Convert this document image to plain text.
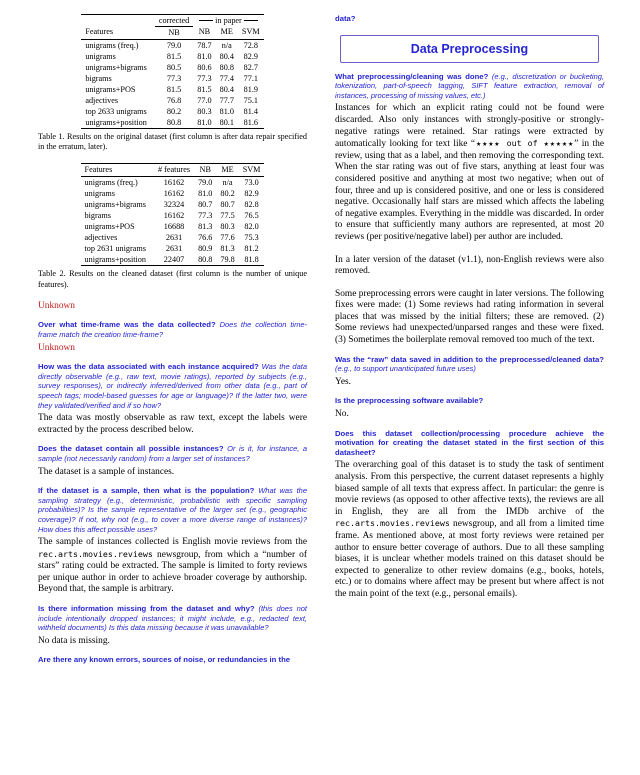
	corrected	in paper		

Features	NB	NB	ME	SVM
unigrams (freq.)	79.0	78.7	n/a	72.8
unigrams	81.5	81.0	80.4	82.9
unigrams+bigrams	80.5	80.6	80.8	82.7
bigrams	77.3	77.3	77.4	77.1
unigrams+POS	81.5	81.5	80.4	81.9
adjectives	76.8	77.0	77.7	75.1
top 2633 unigrams	80.2	80.3	81.0	81.4
unigrams+position	80.8	81.0	80.1	81.6

Table 1. Results on the original dataset (first column is after data repair specified in the erratum, later).

Features	# features	NB	ME	SVM
unigrams (freq.)	16162	79.0	n/a	73.0
unigrams	16162	81.0	80.2	82.9
unigrams+bigrams	32324	80.7	80.7	82.8
bigrams	16162	77.3	77.5	76.5
unigrams+POS	16688	81.3	80.3	82.0
adjectives	2631	76.6	77.6	75.3
top 2631 unigrams	2631	80.9	81.3	81.2
unigrams+position	22407	80.8	79.8	81.8

Table 2. Results on the cleaned dataset (first column is the number of unique features).

Unknown

Over what time-frame was the data collected? Does the collection time-frame match the creation time-frame?

Unknown

How was the data associated with each instance acquired? Was the data directly observable (e.g., raw text, movie ratings), reported by subjects (e.g., survey responses), or indirectly inferred/derived from other data (e.g., part of speech tags; model-based guesses for age or language)? If the latter two, were they validated/verified and if so how?

The data was mostly observable as raw text, except the labels were extracted by the process described below.

Does the dataset contain all possible instances? Or is it, for instance, a sample (not necessarily random) from a larger set of instances?

The dataset is a sample of instances.

If the dataset is a sample, then what is the population? What was the sampling strategy (e.g., deterministic, probabilistic with specific sampling probabilities)? Is the sample representative of the larger set (e.g., geographic coverage)? If not, why not (e.g., to cover a more diverse range of instances)? How does this affect possible uses?

The sample of instances collected is English movie reviews from the rec.arts.movies.reviews newsgroup, from which a “number of stars” rating could be extracted. The sample is limited to forty reviews per unique author in order to achieve broader coverage by authorship. Beyond that, the sample is arbitrary.

Is there information missing from the dataset and why? (this does not include intentionally dropped instances; it might include, e.g., redacted text, withheld documents) Is this data missing because it was unavailable?

No data is missing.

Are there any known errors, sources of noise, or redundancies in the

data?

Data Preprocessing

What preprocessing/cleaning was done? (e.g., discretization or bucketing, tokenization, part-of-speech tagging, SIFT feature extraction, removal of instances, processing of missing values, etc.)

Instances for which an explicit rating could not be found were discarded. Also only instances with strongly-positive or strongly-negative ratings were retained. Star ratings were extracted by automatically looking for text like “★★★★ out of ★★★★★” in the review, using that as a label, and then removing the corresponding text. When the star rating was out of five stars, anything at least four was considered positive and anything at most two negative; when out of four, three and up is considered positive, and one or less is considered negative. Occasionally half stars are missed which affects the labeling of negative examples. Everything in the middle was discarded. In order to ensure that sufficiently many authors are represented, at most 20 reviews (per positive/negative label) per author are included.

In a later version of the dataset (v1.1), non-English reviews were also removed.

Some preprocessing errors were caught in later versions. The following fixes were made: (1) Some reviews had rating information in several places that was missed by the initial filters; these are removed. (2) Some reviews had unexpected/unparsed ranges and these were fixed. (3) Sometimes the boilerplate removal removed too much of the text.

Was the “raw” data saved in addition to the preprocessed/cleaned data? (e.g., to support unanticipated future uses)

Yes.

Is the preprocessing software available?

No.

Does this dataset collection/processing procedure achieve the motivation for creating the dataset stated in the first section of this datasheet?

The overarching goal of this dataset is to study the task of sentiment analysis. From this perspective, the current dataset represents a highly biased sample of all texts that express affect. In particular: the genre is movie reviews (as opposed to other affective texts), the reviews are all in English, they are all from the IMDb archive of the rec.arts.movies.reviews newsgroup, and all from a limited time frame. As mentioned above, at most forty reviews were retained per author to ensure better coverage of authors. Due to all these sampling biases, it is unclear whether models trained on this dataset should be expected to generalize to other review domains (e.g., books, hotels, etc.) or to domains where affect may be present but where affect is not the main point of the text (e.g., personal emails).
